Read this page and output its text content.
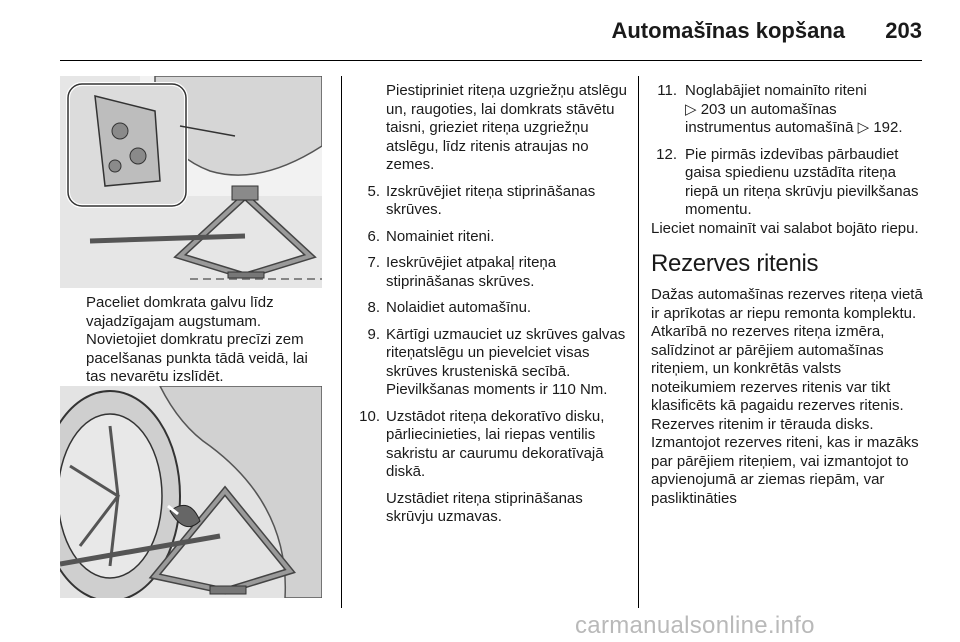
Automašīnas kopšana	203
Paceliet domkrata galvu līdz vajadzīgajam augstumam. Novietojiet domkratu precīzi zem pacelšanas punkta tādā veidā, lai tas nevarētu izslīdēt.

Piestipriniet riteņa uzgriežņu atslēgu un, raugoties, lai domkrats stāvētu taisni, grieziet riteņa uzgriežņu atslēgu, līdz ritenis atraujas no zemes.

5. Izskrūvējiet riteņa stiprināšanas skrūves.
6. Nomainiet riteni.
7. Ieskrūvējiet atpakaļ riteņa stiprināšanas skrūves.
8. Nolaidiet automašīnu.
9. Kārtīgi uzmauciet uz skrūves galvas riteņatslēgu un pievelciet visas skrūves krusteniskā secībā. Pievilkšanas moments ir 110 Nm.
10. Uzstādot riteņa dekoratīvo disku, pārliecinieties, lai riepas ventilis sakristu ar caurumu dekoratīvajā diskā.

Uzstādiet riteņa stiprināšanas skrūvju uzmavas.

11. Noglabājiet nomainīto riteni
▷ 203 un automašīnas instrumentus automašīnā ▷ 192.
12. Pie pirmās izdevības pārbaudiet gaisa spiedienu uzstādīta riteņa riepā un riteņa skrūvju pievilkšanas momentu.

Lieciet nomainīt vai salabot bojāto riepu.

Rezerves ritenis

Dažas automašīnas rezerves riteņa vietā ir aprīkotas ar riepu remonta komplektu.

Atkarībā no rezerves riteņa izmēra, salīdzinot ar pārējiem automašīnas riteņiem, un konkrētās valsts noteikumiem rezerves ritenis var tikt klasificēts kā pagaidu rezerves ritenis.

Rezerves ritenim ir tērauda disks.

Izmantojot rezerves riteni, kas ir mazāks par pārējiem riteņiem, vai izmantojot to apvienojumā ar ziemas riepām, var pasliktināties

carmanualsonline.info
